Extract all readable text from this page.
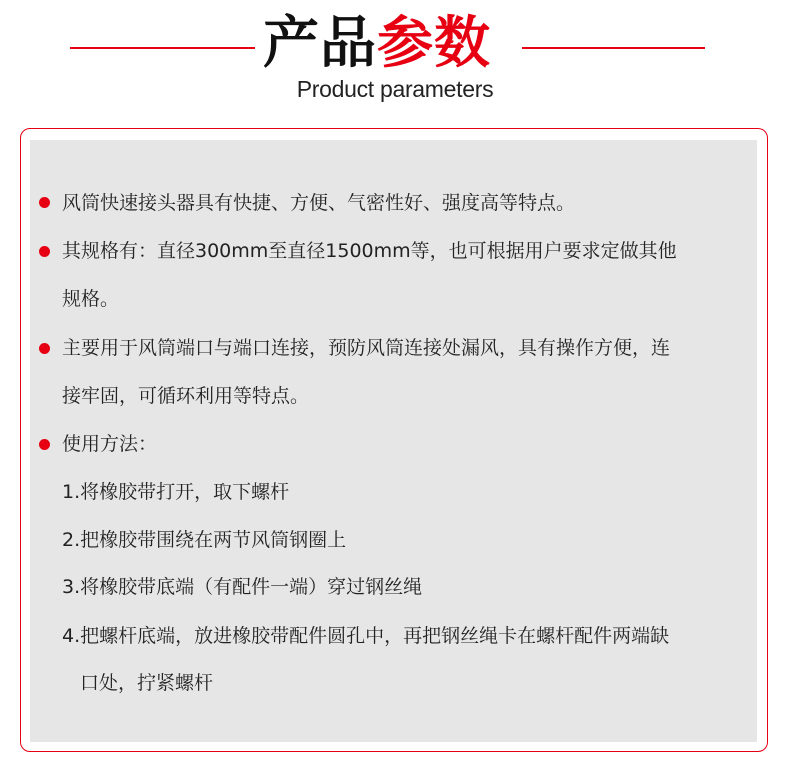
产品参数
Product parameters
风筒快速接头器具有快捷、方便、气密性好、强度高等特点。
其规格有：直径300mm至直径1500mm等，也可根据用户要求定做其他
规格。
主要用于风筒端口与端口连接，预防风筒连接处漏风，具有操作方便，连
接牢固，可循环利用等特点。
使用方法：
1.将橡胶带打开，取下螺杆
2.把橡胶带围绕在两节风筒钢圈上
3.将橡胶带底端（有配件一端）穿过钢丝绳
4.把螺杆底端，放进橡胶带配件圆孔中，再把钢丝绳卡在螺杆配件两端缺
口处，拧紧螺杆
